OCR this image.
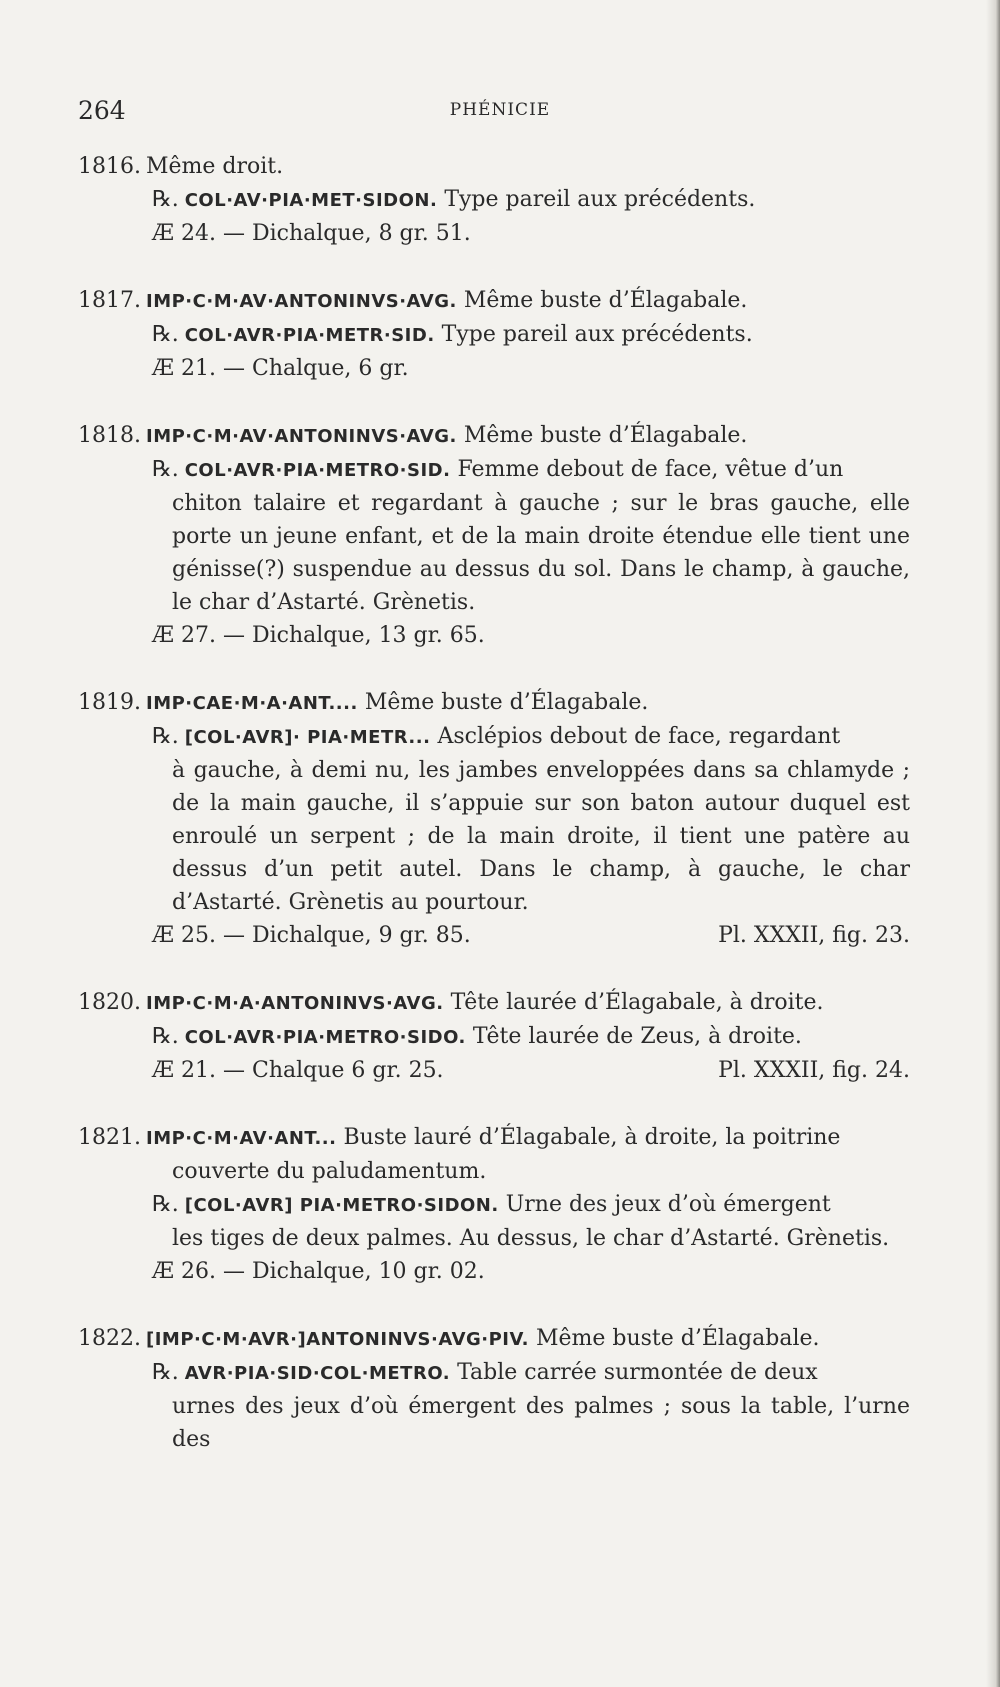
264	PHÉNICIE
1816. Même droit.
℞. COL·AV·PIA·MET·SIDON. Type pareil aux précédents.
Æ 24. — Dichalque, 8 gr. 51.
1817. IMP·C·M·AV·ANTONINVS·AVG. Même buste d’Élagabale.
℞. COL·AVR·PIA·METR·SID. Type pareil aux précédents.
Æ 21. — Chalque, 6 gr.
1818. IMP·C·M·AV·ANTONINVS·AVG. Même buste d’Élagabale.
℞. COL·AVR·PIA·METRO·SID. Femme debout de face, vêtue d’un
chiton talaire et regardant à gauche ; sur le bras gauche, elle porte un jeune enfant, et de la main droite étendue elle tient une génisse(?) suspendue au dessus du sol. Dans le champ, à gauche, le char d’Astarté. Grènetis.
Æ 27. — Dichalque, 13 gr. 65.
1819. IMP·CAE·M·A·ANT.... Même buste d’Élagabale.
℞. [COL·AVR]· PIA·METR... Asclépios debout de face, regardant
à gauche, à demi nu, les jambes enveloppées dans sa chlamyde ; de la main gauche, il s’appuie sur son baton autour duquel est enroulé un serpent ; de la main droite, il tient une patère au dessus d’un petit autel. Dans le champ, à gauche, le char d’Astarté. Grènetis au pourtour.
Æ 25. — Dichalque, 9 gr. 85.	Pl. XXXII, fig. 23.
1820. IMP·C·M·A·ANTONINVS·AVG. Tête laurée d’Élagabale, à droite.
℞. COL·AVR·PIA·METRO·SIDO. Tête laurée de Zeus, à droite.
Æ 21. — Chalque 6 gr. 25.	Pl. XXXII, fig. 24.
1821. IMP·C·M·AV·ANT... Buste lauré d’Élagabale, à droite, la poitrine
couverte du paludamentum.
℞. [COL·AVR] PIA·METRO·SIDON. Urne des jeux d’où émergent
les tiges de deux palmes. Au dessus, le char d’Astarté. Grènetis.
Æ 26. — Dichalque, 10 gr. 02.
1822. [IMP·C·M·AVR·]ANTONINVS·AVG·PIV. Même buste d’Élagabale.
℞. AVR·PIA·SID·COL·METRO. Table carrée surmontée de deux
urnes des jeux d’où émergent des palmes ; sous la table, l’urne des
